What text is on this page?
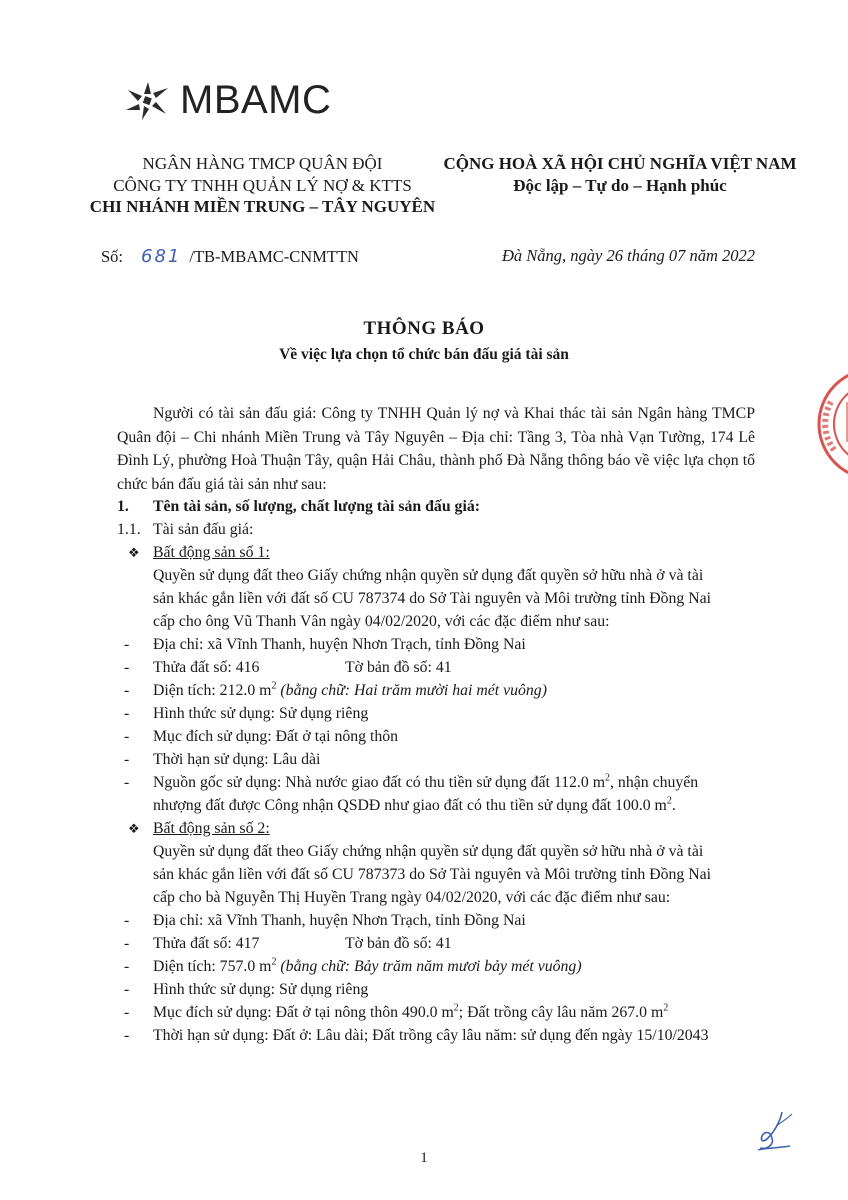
MBAMC
NGÂN HÀNG TMCP QUÂN ĐỘI
CÔNG TY TNHH QUẢN LÝ NỢ & KTTS
CHI NHÁNH MIỀN TRUNG – TÂY NGUYÊN
CỘNG HOÀ XÃ HỘI CHỦ NGHĨA VIỆT NAM
Độc lập – Tự do – Hạnh phúc
Số: 681 /TB-MBAMC-CNMTTN	Đà Nẵng, ngày 26 tháng 07 năm 2022
THÔNG BÁO
Về việc lựa chọn tổ chức bán đấu giá tài sản
Người có tài sản đấu giá: Công ty TNHH Quản lý nợ và Khai thác tài sản Ngân hàng TMCP Quân đội – Chi nhánh Miền Trung và Tây Nguyên – Địa chỉ: Tầng 3, Tòa nhà Vạn Tường, 174 Lê Đình Lý, phường Hoà Thuận Tây, quận Hải Châu, thành phố Đà Nẵng thông báo về việc lựa chọn tổ chức bán đấu giá tài sản như sau:
1. Tên tài sản, số lượng, chất lượng tài sản đấu giá:
1.1. Tài sản đấu giá:
❖ Bất động sản số 1:
Quyền sử dụng đất theo Giấy chứng nhận quyền sử dụng đất quyền sở hữu nhà ở và tài
sản khác gắn liền với đất số CU 787374 do Sở Tài nguyên và Môi trường tỉnh Đồng Nai
cấp cho ông Vũ Thanh Vân ngày 04/02/2020, với các đặc điểm như sau:
- Địa chỉ: xã Vĩnh Thanh, huyện Nhơn Trạch, tỉnh Đồng Nai
- Thửa đất số: 416	Tờ bản đồ số: 41
- Diện tích: 212.0 $m^2$ (bằng chữ: Hai trăm mười hai mét vuông)
- Hình thức sử dụng: Sử dụng riêng
- Mục đích sử dụng: Đất ở tại nông thôn
- Thời hạn sử dụng: Lâu dài
- Nguồn gốc sử dụng: Nhà nước giao đất có thu tiền sử dụng đất 112.0 $m^2$, nhận chuyển
nhượng đất được Công nhận QSDĐ như giao đất có thu tiền sử dụng đất 100.0 $m^2$.
❖ Bất động sản số 2:
Quyền sử dụng đất theo Giấy chứng nhận quyền sử dụng đất quyền sở hữu nhà ở và tài
sản khác gắn liền với đất số CU 787373 do Sở Tài nguyên và Môi trường tỉnh Đồng Nai
cấp cho bà Nguyễn Thị Huyền Trang ngày 04/02/2020, với các đặc điểm như sau:
- Địa chỉ: xã Vĩnh Thanh, huyện Nhơn Trạch, tỉnh Đồng Nai
- Thửa đất số: 417	Tờ bản đồ số: 41
- Diện tích: 757.0 $m^2$ (bằng chữ: Bảy trăm năm mươi bảy mét vuông)
- Hình thức sử dụng: Sử dụng riêng
- Mục đích sử dụng: Đất ở tại nông thôn 490.0 $m^2$; Đất trồng cây lâu năm 267.0 $m^2$
- Thời hạn sử dụng: Đất ở: Lâu dài; Đất trồng cây lâu năm: sử dụng đến ngày 15/10/2043
1
